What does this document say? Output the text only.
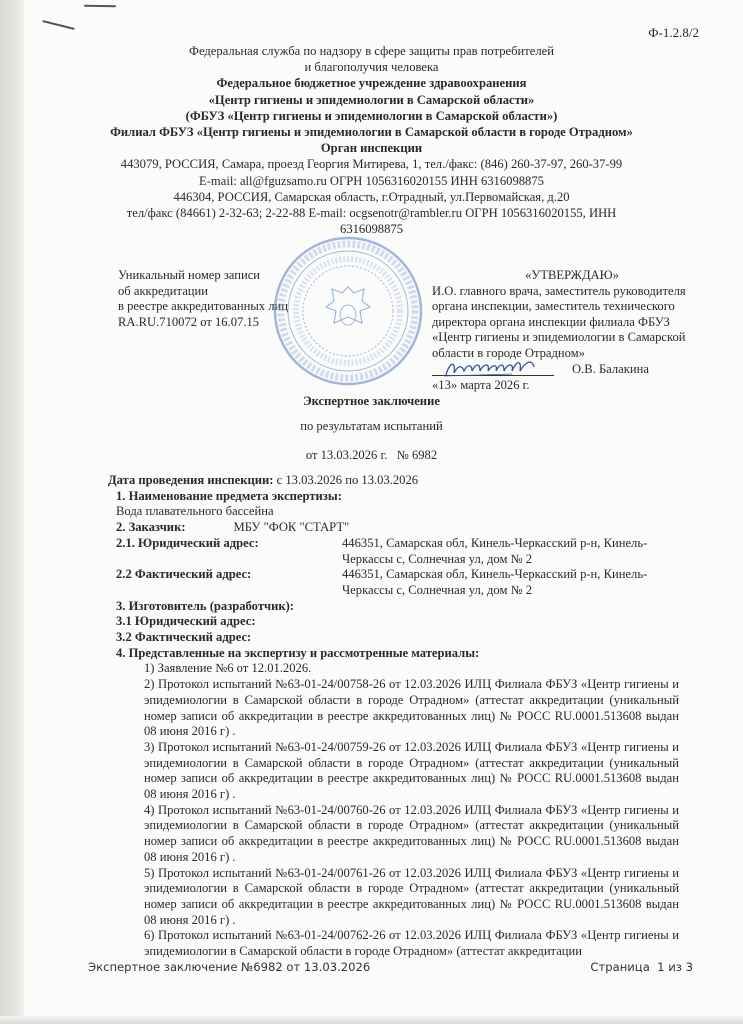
Ф-1.2.8/2
Федеральная служба по надзору в сфере защиты прав потребителей
и благополучия человека
Федеральное бюджетное учреждение здравоохранения
«Центр гигиены и эпидемиологии в Самарской области»
(ФБУЗ «Центр гигиены и эпидемиологии в Самарской области»)
Филиал ФБУЗ «Центр гигиены и эпидемиологии в Самарской области в городе Отрадном»
Орган инспекции
443079, РОССИЯ, Самара, проезд Георгия Митирева, 1, тел./факс: (846) 260-37-97, 260-37-99
E-mail: all@fguzsamo.ru ОГРН 1056316020155 ИНН 6316098875
446304, РОССИЯ, Самарская область, г.Отрадный, ул.Первомайская, д.20
тел/факс (84661) 2-32-63; 2-22-88 E-mail: ocgsenotr@rambler.ru ОГРН 1056316020155, ИНН
6316098875
Уникальный номер записи
об аккредитации
в реестре аккредитованных лиц
RA.RU.710072 от 16.07.15
«УТВЕРЖДАЮ»
И.О. главного врача, заместитель руководителя
органа инспекции, заместитель технического
директора органа инспекции филиала ФБУЗ
«Центр гигиены и эпидемиологии в Самарской
области в городе Отрадном»
О.В. Балакина
«13» марта 2026 г.
Экспертное заключение
по результатам испытаний
от 13.03.2026 г.   № 6982
Дата проведения инспекции: с 13.03.2026 по 13.03.2026
1. Наименование предмета экспертизы:
Вода плавательного бассейна
2. Заказчик:	МБУ "ФОК "СТАРТ"
2.1. Юридический адрес:	446351, Самарская обл, Кинель-Черкасский р-н, Кинель-Черкассы с, Солнечная ул, дом № 2
2.2 Фактический адрес:	446351, Самарская обл, Кинель-Черкасский р-н, Кинель-Черкассы с, Солнечная ул, дом № 2
3. Изготовитель (разработчик):
3.1 Юридический адрес:
3.2 Фактический адрес:
4. Представленные на экспертизу и рассмотренные материалы:
1) Заявление №6 от 12.01.2026.
2) Протокол испытаний №63-01-24/00758-26 от 12.03.2026 ИЛЦ Филиала ФБУЗ «Центр гигиены и эпидемиологии в Самарской области в городе Отрадном» (аттестат аккредитации (уникальный номер записи об аккредитации в реестре аккредитованных лиц) № РОСС RU.0001.513608 выдан 08 июня 2016 г) .
3) Протокол испытаний №63-01-24/00759-26 от 12.03.2026 ИЛЦ Филиала ФБУЗ «Центр гигиены и эпидемиологии в Самарской области в городе Отрадном» (аттестат аккредитации (уникальный номер записи об аккредитации в реестре аккредитованных лиц) № РОСС RU.0001.513608 выдан 08 июня 2016 г) .
4) Протокол испытаний №63-01-24/00760-26 от 12.03.2026 ИЛЦ Филиала ФБУЗ «Центр гигиены и эпидемиологии в Самарской области в городе Отрадном» (аттестат аккредитации (уникальный номер записи об аккредитации в реестре аккредитованных лиц) № РОСС RU.0001.513608 выдан 08 июня 2016 г) .
5) Протокол испытаний №63-01-24/00761-26 от 12.03.2026 ИЛЦ Филиала ФБУЗ «Центр гигиены и эпидемиологии в Самарской области в городе Отрадном» (аттестат аккредитации (уникальный номер записи об аккредитации в реестре аккредитованных лиц) № РОСС RU.0001.513608 выдан 08 июня 2016 г) .
6) Протокол испытаний №63-01-24/00762-26 от 12.03.2026 ИЛЦ Филиала ФБУЗ «Центр гигиены и эпидемиологии в Самарской области в городе Отрадном» (аттестат аккредитации
Экспертное заключение №6982 от 13.03.2026	Страница  1 из 3
